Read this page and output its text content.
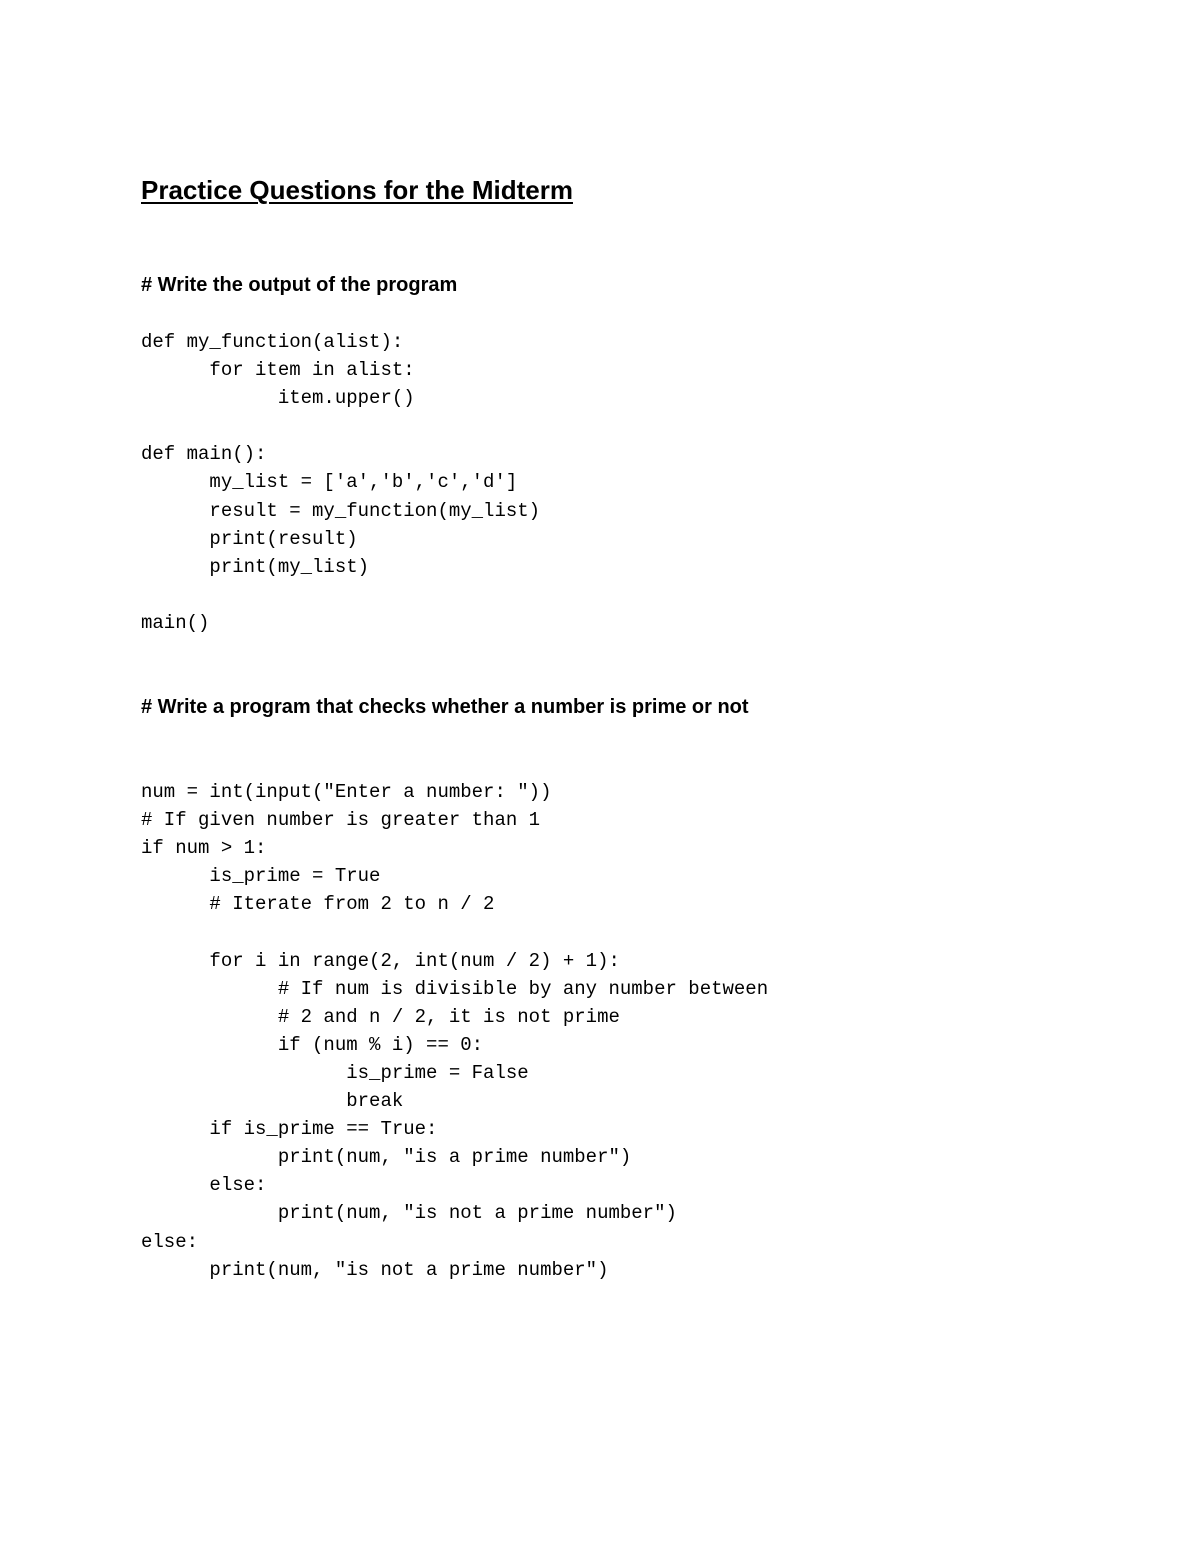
Practice Questions for the Midterm
# Write the output of the program
def my_function(alist):
for item in alist:
item.upper()
def main():
my_list = ['a','b','c','d']
result = my_function(my_list)
print(result)
print(my_list)
main()
# Write a program that checks whether a number is prime or not
num = int(input("Enter a number: "))
# If given number is greater than 1
if num > 1:
is_prime = True
# Iterate from 2 to n / 2
for i in range(2, int(num / 2) + 1):
# If num is divisible by any number between
# 2 and n / 2, it is not prime
if (num % i) == 0:
is_prime = False
break
if is_prime == True:
print(num, "is a prime number")
else:
print(num, "is not a prime number")
else:
print(num, "is not a prime number")
